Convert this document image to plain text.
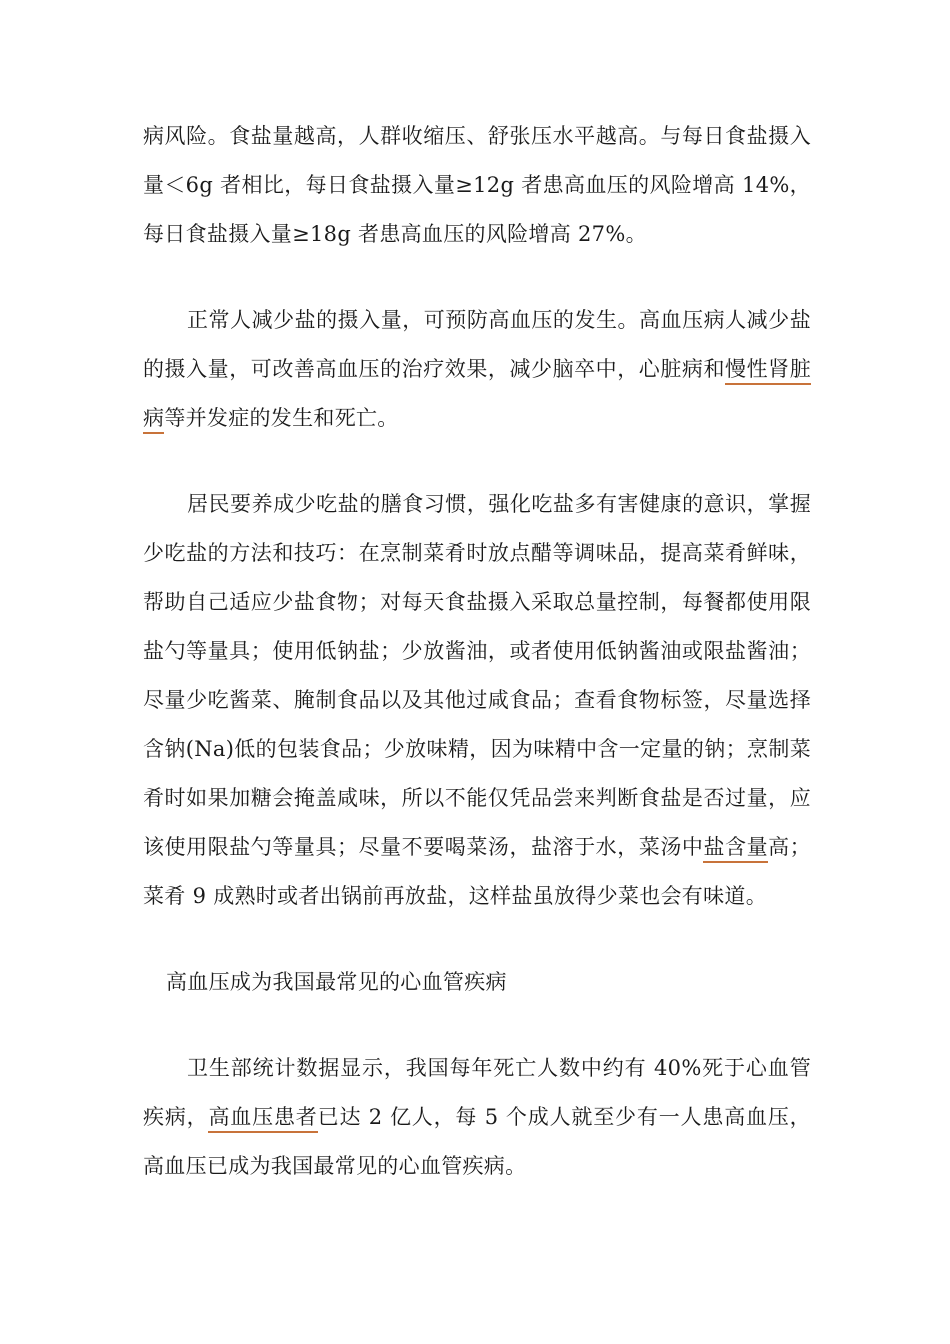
病风险。食盐量越高，人群收缩压、舒张压水平越高。与每日食盐摄入量＜6g 者相比，每日食盐摄入量≥12g 者患高血压的风险增高 14%，每日食盐摄入量≥18g 者患高血压的风险增高 27%。

正常人减少盐的摄入量，可预防高血压的发生。高血压病人减少盐的摄入量，可改善高血压的治疗效果，减少脑卒中，心脏病和慢性肾脏病等并发症的发生和死亡。

居民要养成少吃盐的膳食习惯，强化吃盐多有害健康的意识，掌握少吃盐的方法和技巧：在烹制菜肴时放点醋等调味品，提高菜肴鲜味，帮助自己适应少盐食物；对每天食盐摄入采取总量控制，每餐都使用限盐勺等量具；使用低钠盐；少放酱油，或者使用低钠酱油或限盐酱油；尽量少吃酱菜、腌制食品以及其他过咸食品；查看食物标签，尽量选择含钠(Na)低的包装食品；少放味精，因为味精中含一定量的钠；烹制菜肴时如果加糖会掩盖咸味，所以不能仅凭品尝来判断食盐是否过量，应该使用限盐勺等量具；尽量不要喝菜汤，盐溶于水，菜汤中盐含量高；菜肴 9 成熟时或者出锅前再放盐，这样盐虽放得少菜也会有味道。

高血压成为我国最常见的心血管疾病

卫生部统计数据显示，我国每年死亡人数中约有 40%死于心血管疾病，高血压患者已达 2 亿人，每 5 个成人就至少有一人患高血压，高血压已成为我国最常见的心血管疾病。
